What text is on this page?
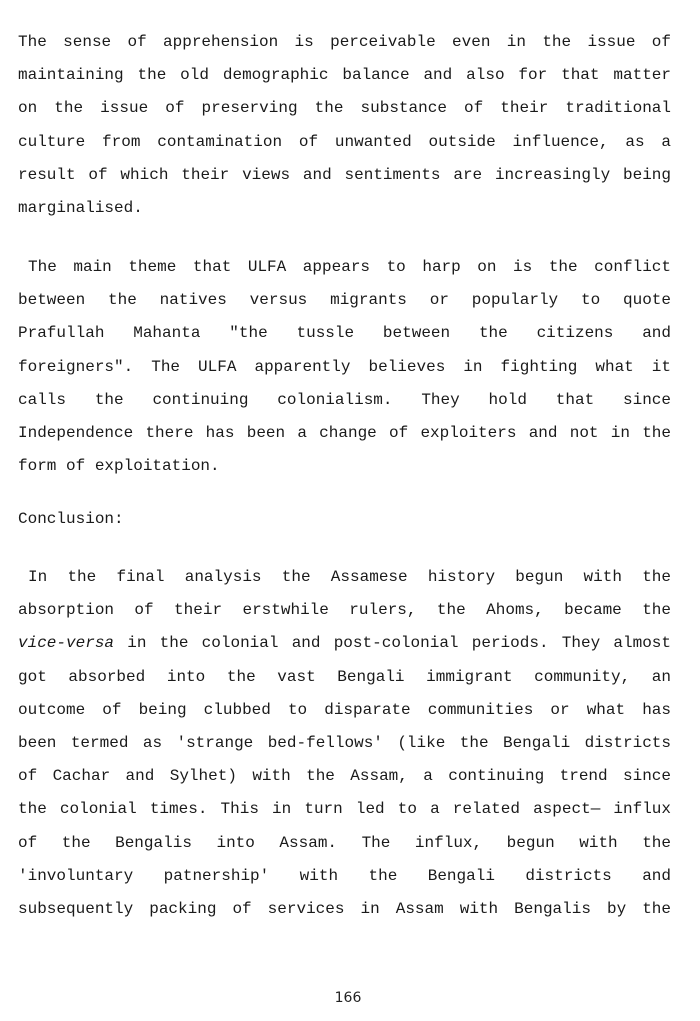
The sense of apprehension is perceivable even in the issue of
maintaining the old demographic balance and also for that matter
on the issue of preserving the substance of their traditional
culture from contamination of unwanted outside influence, as a
result of which their views and sentiments are increasingly being
marginalised.
The main theme that ULFA appears to harp on is the conflict
between the natives versus migrants or popularly to quote
Prafullah Mahanta "the tussle between the citizens and
foreigners". The ULFA apparently believes in fighting what it
calls the continuing colonialism. They hold that since
Independence there has been a change of exploiters and not in the
form of exploitation.

Conclusion:

In the final analysis the Assamese history begun with the
absorption of their erstwhile rulers, the Ahoms, became the
vice-versa in the colonial and post-colonial periods. They almost
got absorbed into the vast Bengali immigrant community, an
outcome of being clubbed to disparate communities or what has
been termed as 'strange bed-fellows' (like the Bengali districts
of Cachar and Sylhet) with the Assam, a continuing trend since
the colonial times. This in turn led to a related aspect— influx
of the Bengalis into Assam. The influx, begun with the
'involuntary patnership' with the Bengali districts and
subsequently packing of services in Assam with Bengalis by the
166
